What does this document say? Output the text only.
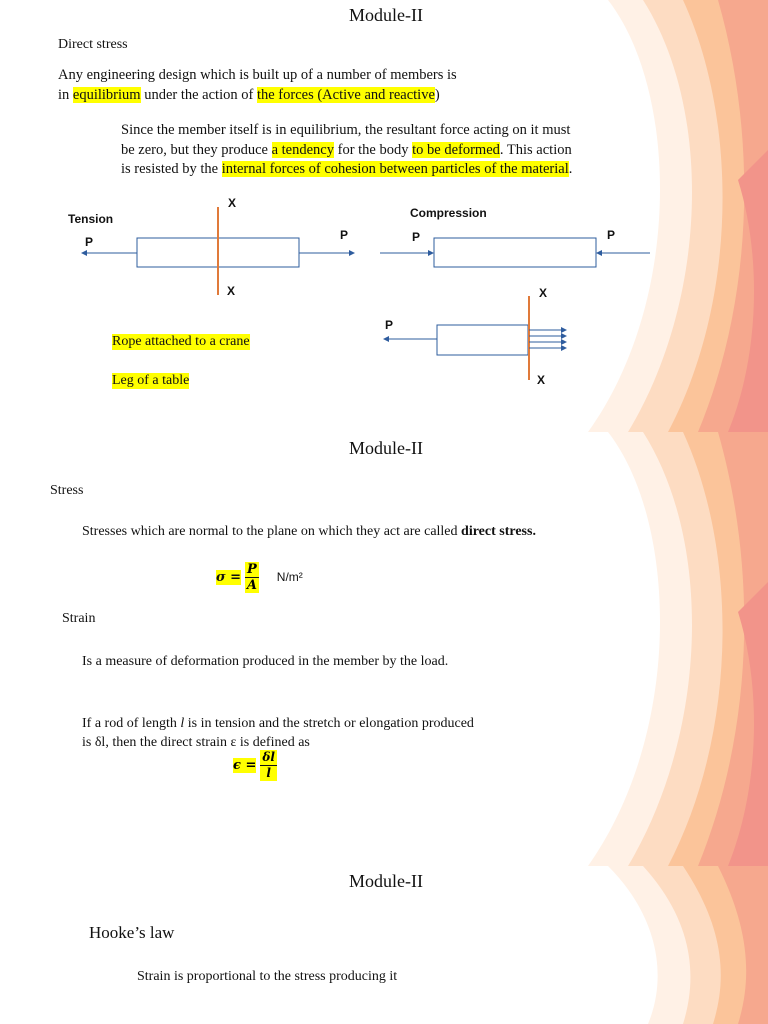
Module-II
Direct stress
Any engineering design which is built up of a number of members is
in equilibrium under the action of the forces (Active and reactive)
Since the member itself is in equilibrium, the resultant force acting on it must
be zero, but they produce a tendency for the body to be deformed. This action
is resisted by the internal forces of cohesion between particles of the material.
Tension	Compression
P	P	P	P
P
X
X	X
X
Rope attached to a crane
Leg of a table
Module-II
Stress
Stresses which are normal to the plane on which they act are called direct stress.
$\sigma = \frac{P}{A} N/m^2$
Strain
Is a measure of deformation produced in the member by the load.
If a rod of length l is in tension and the stretch or elongation produced
is δl, then the direct strain ε is defined as
$\epsilon = \frac{\delta l}{l}$
Module-II
Hooke’s law
Strain is proportional to the stress producing it
